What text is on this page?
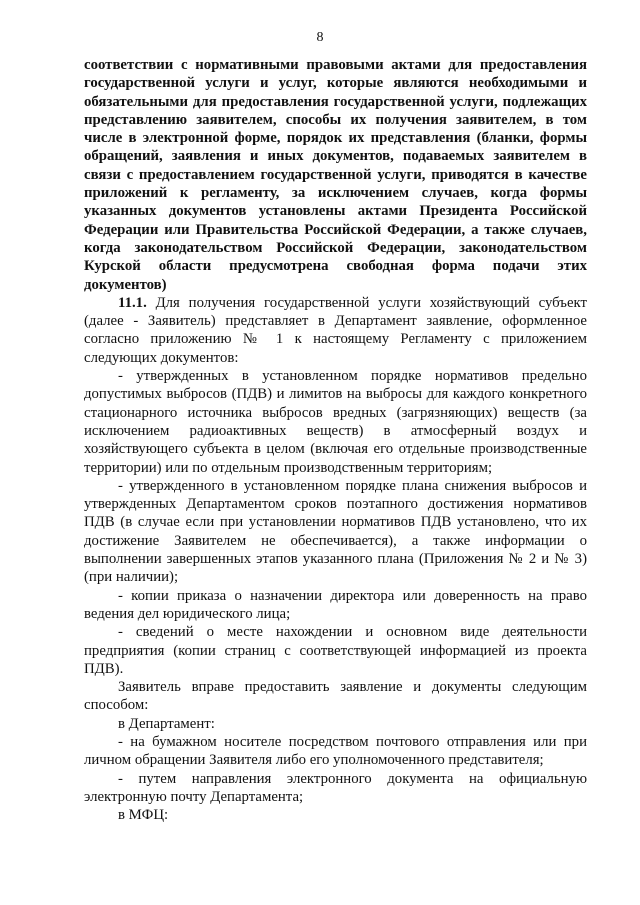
8

соответствии с нормативными правовыми актами для предоставления государственной услуги и услуг, которые являются необходимыми и обязательными для предоставления государственной услуги, подлежащих представлению заявителем, способы их получения заявителем, в том числе в электронной форме, порядок их представления (бланки, формы обращений, заявления и иных документов, подаваемых заявителем в связи с предоставлением государственной услуги, приводятся в качестве приложений к регламенту, за исключением случаев, когда формы указанных документов установлены актами Президента Российской Федерации или Правительства Российской Федерации, а также случаев, когда законодательством Российской Федерации, законодательством Курской области предусмотрена свободная форма подачи этих документов)

11.1. Для получения государственной услуги хозяйствующий субъект (далее - Заявитель) представляет в Департамент заявление, оформленное согласно приложению № 1 к настоящему Регламенту с приложением следующих документов:

- утвержденных в установленном порядке нормативов предельно допустимых выбросов (ПДВ) и лимитов на выбросы для каждого конкретного стационарного источника выбросов вредных (загрязняющих) веществ (за исключением радиоактивных веществ) в атмосферный воздух и хозяйствующего субъекта в целом (включая его отдельные производственные территории) или по отдельным производственным территориям;

- утвержденного в установленном порядке плана снижения выбросов и утвержденных Департаментом сроков поэтапного достижения нормативов ПДВ (в случае если при установлении нормативов ПДВ установлено, что их достижение Заявителем не обеспечивается), а также информации о выполнении завершенных этапов указанного плана (Приложения № 2 и № 3) (при наличии);

- копии приказа о назначении директора или доверенность на право ведения дел юридического лица;

- сведений о месте нахождении и основном виде деятельности предприятия (копии страниц с соответствующей информацией из проекта ПДВ).

Заявитель вправе предоставить заявление и документы следующим способом:

в Департамент:

- на бумажном носителе посредством почтового отправления или при личном обращении Заявителя либо его уполномоченного представителя;

- путем направления электронного документа на официальную электронную почту Департамента;

в МФЦ:
